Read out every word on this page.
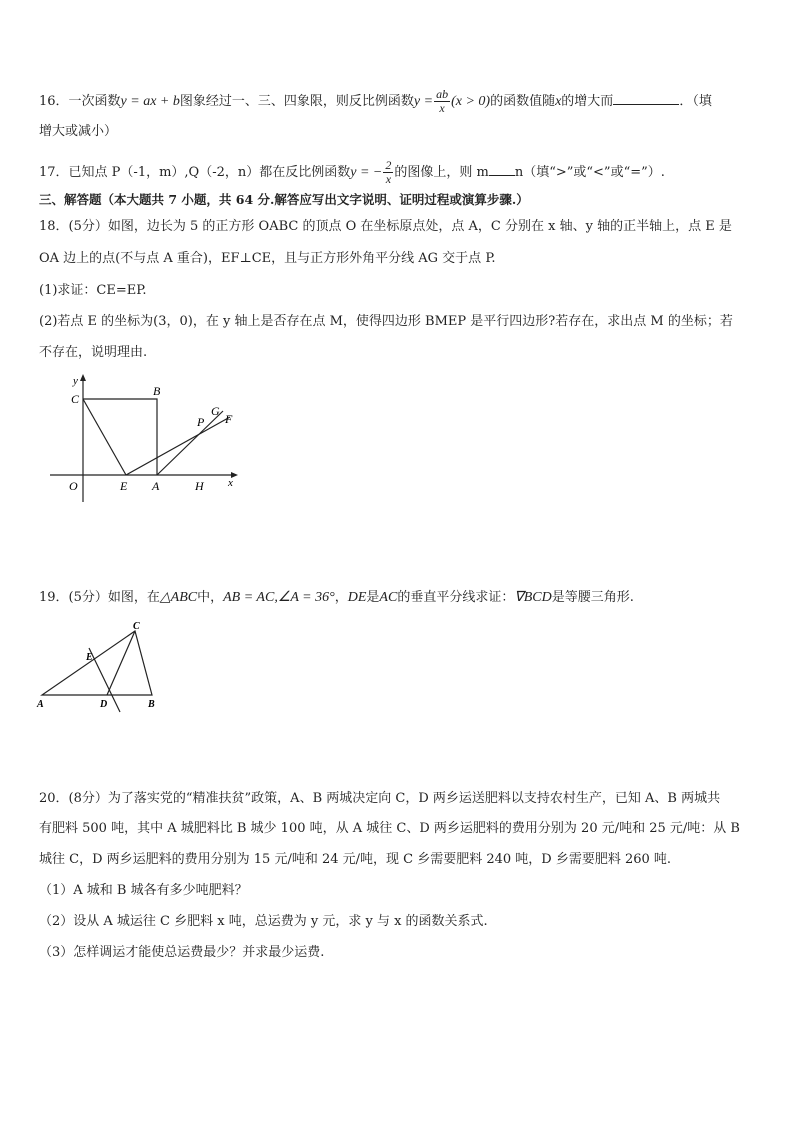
16．一次函数y = ax + b图象经过一、三、四象限，则反比例函数$y = \frac{ab}{x} (x > 0)$的函数值随x的增大而	．（填
增大或减小）
17．已知点 P（-1，m）,Q（-2，n）都在反比例函数y = − $\frac{2}{x}$ 的图像上，则 m n（填“>”或“<”或“=”）.
三、解答题（本大题共 7 小题，共 64 分.解答应写出文字说明、证明过程或演算步骤.）
18．(5分）如图，边长为 5 的正方形 OABC 的顶点 O 在坐标原点处，点 A，C 分别在 x 轴、y 轴的正半轴上，点 E 是
OA 边上的点(不与点 A 重合)，EF⊥CE，且与正方形外角平分线 AG 交于点 P.
(1)求证：CE=EP.
(2)若点 E 的坐标为(3，0)，在 y 轴上是否存在点 M，使得四边形 BMEP 是平行四边形?若存在，求出点 M 的坐标；若
不存在，说明理由.
y
x
C
B
G
P F
O	E A	H
19．(5分）如图，在△ABC中，AB = AC,∠A = 36°，DE是AC的垂直平分线求证：∇BCD是等腰三角形.
C
E
A	D	B
20．(8分）为了落实党的“精准扶贫”政策，A、B 两城决定向 C，D 两乡运送肥料以支持农村生产，已知 A、B 两城共
有肥料 500 吨，其中 A 城肥料比 B 城少 100 吨，从 A 城往 C、D 两乡运肥料的费用分别为 20 元/吨和 25 元/吨：从 B
城往 C，D 两乡运肥料的费用分别为 15 元/吨和 24 元/吨，现 C 乡需要肥料 240 吨，D 乡需要肥料 260 吨.
（1）A 城和 B 城各有多少吨肥料？
（2）设从 A 城运往 C 乡肥料 x 吨，总运费为 y 元，求 y 与 x 的函数关系式.
（3）怎样调运才能使总运费最少？并求最少运费.
